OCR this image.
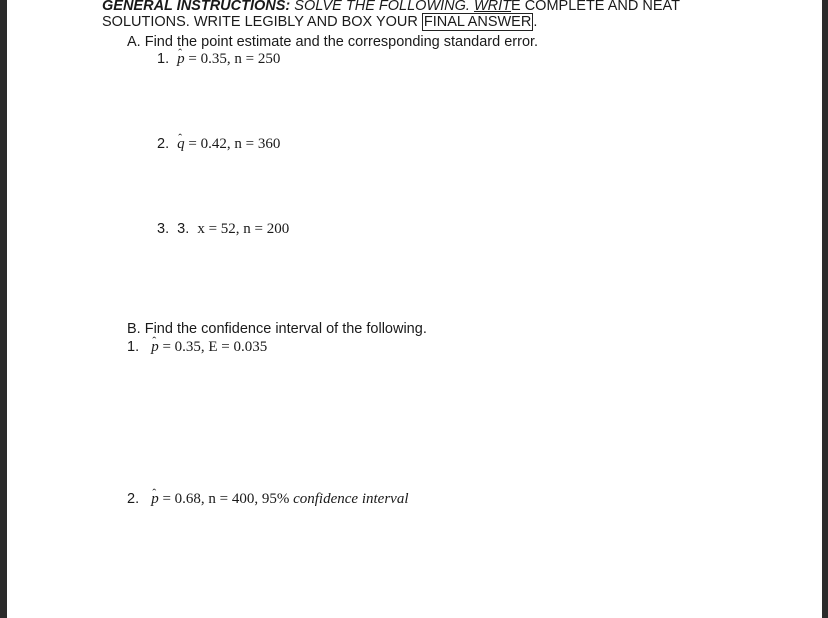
GENERAL INSTRUCTIONS: SOLVE THE FOLLOWING. WRITE COMPLETE AND NEAT
SOLUTIONS. WRITE LEGIBLY AND BOX YOUR FINAL ANSWER .
A. Find the point estimate and the corresponding standard error.
1. ˆ p = 0.35, n = 250
2. ˆ q = 0.42, n = 360
3. 3. x = 52, n = 200
B. Find the confidence interval of the following.
1. ˆ p = 0.35, E = 0.035
2. ˆ p = 0.68, n = 400, 95% confidence interval
